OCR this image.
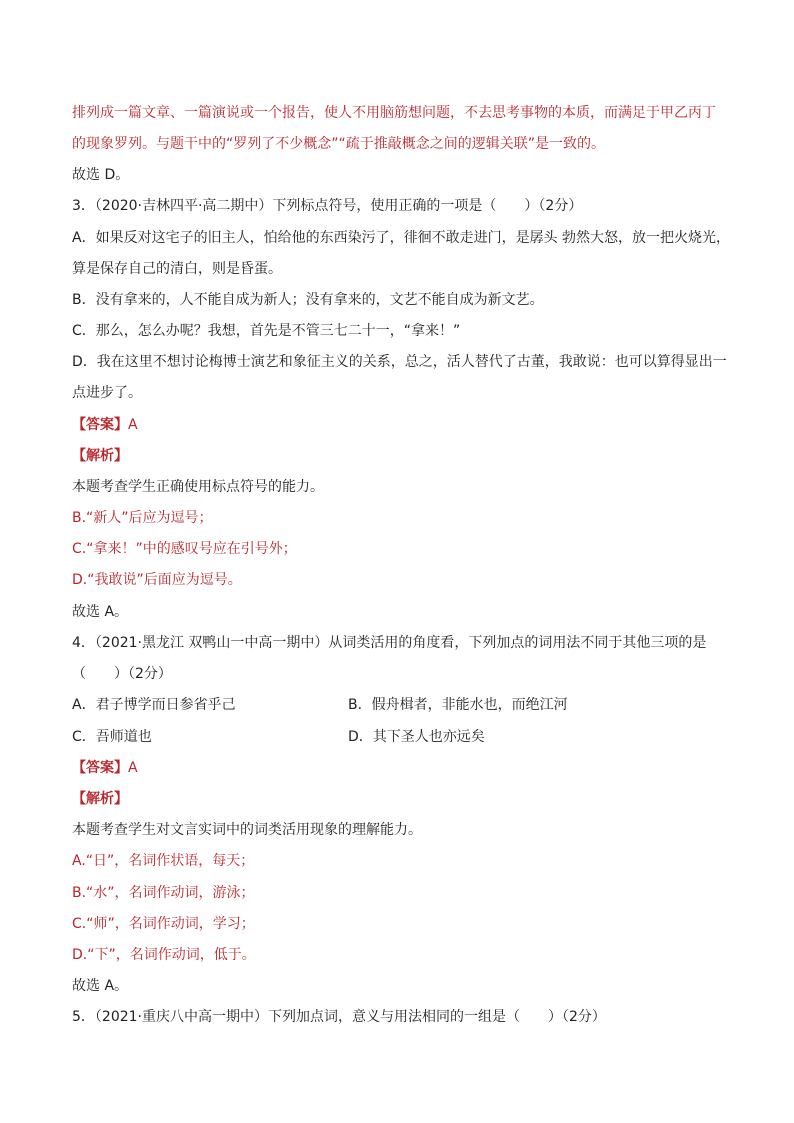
排列成一篇文章、一篇演说或一个报告，使人不用脑筋想问题，不去思考事物的本质，而满足于甲乙丙丁
的现象罗列。与题干中的“罗列了不少概念”“疏于推敲概念之间的逻辑关联”是一致的。
故选 D。
3．（2020·吉林四平·高二期中）下列标点符号，使用正确的一项是（　　）（2分）
A．如果反对这宅子的旧主人，怕给他的东西染污了，徘徊不敢走进门，是孱头 勃然大怒，放一把火烧光，
算是保存自己的清白，则是昏蛋。
B．没有拿来的，人不能自成为新人；没有拿来的，文艺不能自成为新文艺。
C．那么，怎么办呢？我想，首先是不管三七二十一，“拿来！”
D．我在这里不想讨论梅博士演艺和象征主义的关系，总之，活人替代了古董，我敢说：也可以算得显出一
点进步了。
【答案】A
【解析】
本题考查学生正确使用标点符号的能力。
B.“新人”后应为逗号；
C.“拿来！”中的感叹号应在引号外；
D.“我敢说”后面应为逗号。
故选 A。
4．（2021·黑龙江 双鸭山一中高一期中）从词类活用的角度看，下列加点的词用法不同于其他三项的是
（　　）（2分）
A．君子博学而日参省乎己	B．假舟楫者，非能水也，而绝江河
C．吾师道也	D．其下圣人也亦远矣
【答案】A
【解析】
本题考查学生对文言实词中的词类活用现象的理解能力。
A.“日”，名词作状语，每天；
B.“水”，名词作动词，游泳；
C.“师”，名词作动词，学习；
D.“下”，名词作动词，低于。
故选 A。
5．（2021·重庆八中高一期中）下列加点词，意义与用法相同的一组是（　　）（2分）
